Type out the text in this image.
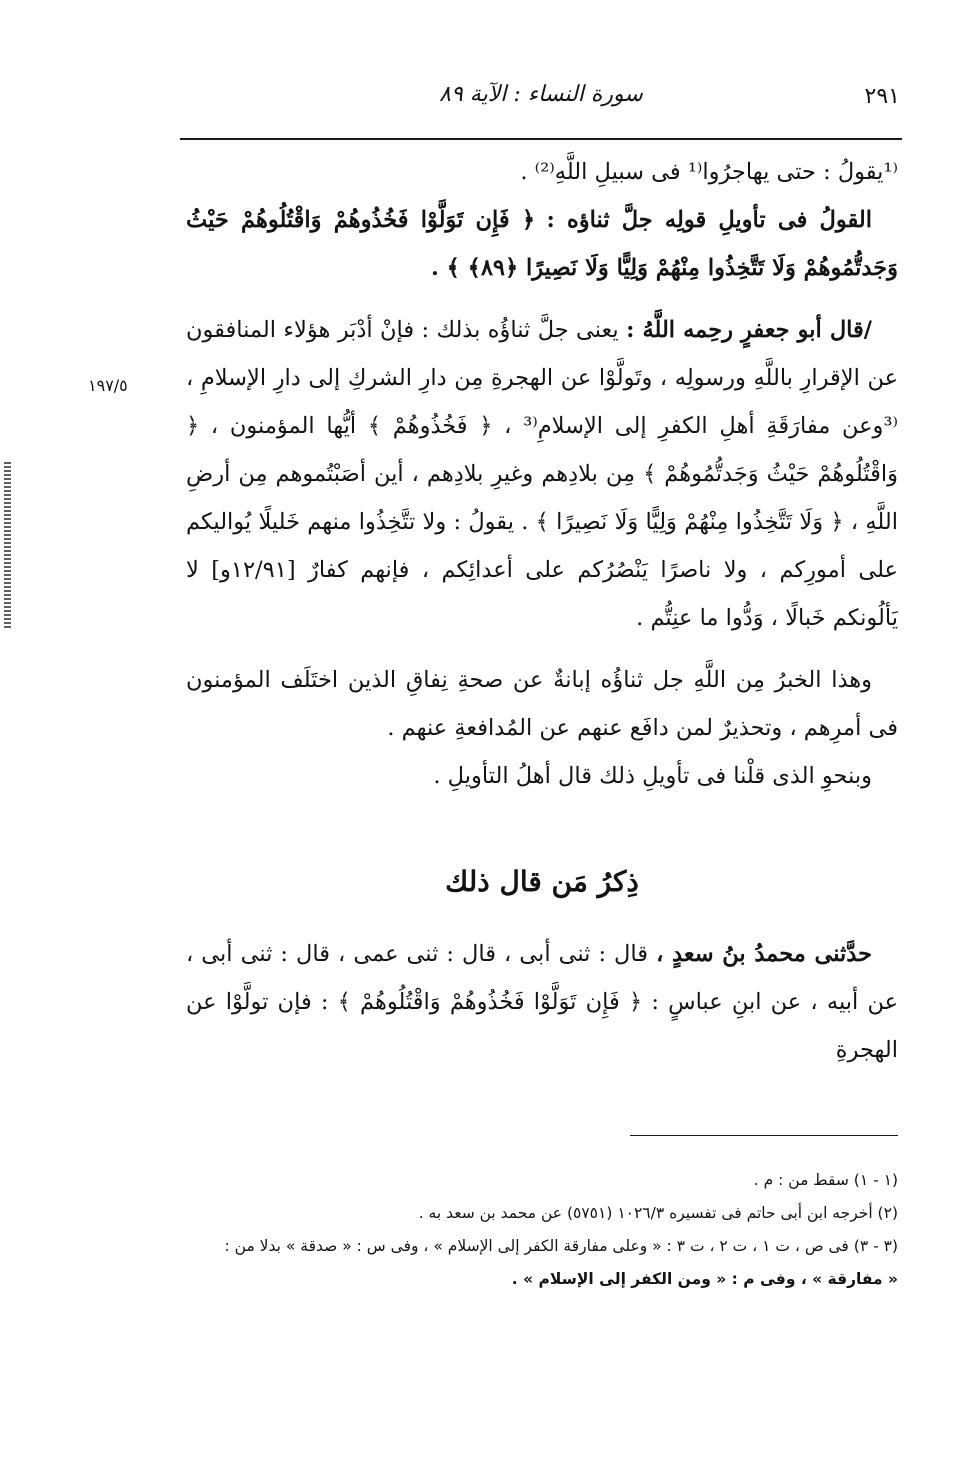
٢٩١
سورة النساء : الآية ٨٩
١٩٧/٥

⁽¹يقولُ : حتى يهاجرُوا⁽¹ فى سبيلِ اللَّهِ⁽²⁾ .

القولُ فى تأويلِ قولِه جلَّ ثناؤه : ﴿ فَإِن تَوَلَّوْا فَخُذُوهُمْ وَاقْتُلُوهُمْ حَيْثُ وَجَدتُّمُوهُمْ وَلَا تَتَّخِذُوا مِنْهُمْ وَلِيًّا وَلَا نَصِيرًا ﴿٨٩﴾ ﴾ .

/قال أبو جعفرٍ رحِمه اللَّهُ : يعنى جلَّ ثناؤُه بذلك : فإنْ أدْبَر هؤلاء المنافقون عن الإقرارِ باللَّهِ ورسولِه ، وتَولَّوْا عن الهجرةِ مِن دارِ الشركِ إلى دارِ الإسلامِ ، ⁽³وعن مفارَقَةِ أهلِ الكفرِ إلى الإسلامِ⁽³ ، ﴿ فَخُذُوهُمْ ﴾ أيُّها المؤمنون ، ﴿ وَاقْتُلُوهُمْ حَيْثُ وَجَدتُّمُوهُمْ ﴾ مِن بلادِهم وغيرِ بلادِهم ، أين أصَبْتُموهم مِن أرضِ اللَّهِ ، ﴿ وَلَا تَتَّخِذُوا مِنْهُمْ وَلِيًّا وَلَا نَصِيرًا ﴾ . يقولُ : ولا تتَّخِذُوا منهم خَليلًا يُواليكم على أمورِكم ، ولا ناصرًا يَنْصُرُكم على أعدائِكم ، فإنهم كفارٌ [١٢/٩١و] لا يَألُونكم خَبالًا ، وَدُّوا ما عنِتُّم .

وهذا الخبرُ مِن اللَّهِ جل ثناؤُه إبانةٌ عن صحةِ نِفاقِ الذين اختَلَف المؤمنون فى أمرِهم ، وتحذيرٌ لمن دافَع عنهم عن المُدافعةِ عنهم .

وبنحوِ الذى قلْنا فى تأويلِ ذلك قال أهلُ التأويلِ .

ذِكرُ مَن قال ذلك

حدَّثنى محمدُ بنُ سعدٍ ، قال : ثنى أبى ، قال : ثنى عمى ، قال : ثنى أبى ، عن أبيه ، عن ابنِ عباسٍ : ﴿ فَإِن تَوَلَّوْا فَخُذُوهُمْ وَاقْتُلُوهُمْ ﴾ : فإن تولَّوْا عن الهجرةِ

(١ - ١) سقط من : م .

(٢) أخرجه ابن أبى حاتم فى تفسيره ١٠٢٦/٣ (٥٧٥١) عن محمد بن سعد به .

(٣ - ٣) فى ص ، ت ١ ، ت ٢ ، ت ٣ : « وعلى مفارقة الكفر إلى الإسلام » ، وفى س : « صدقة » بدلا من :

« مفارقة » ، وفى م : « ومن الكفر إلى الإسلام » .
